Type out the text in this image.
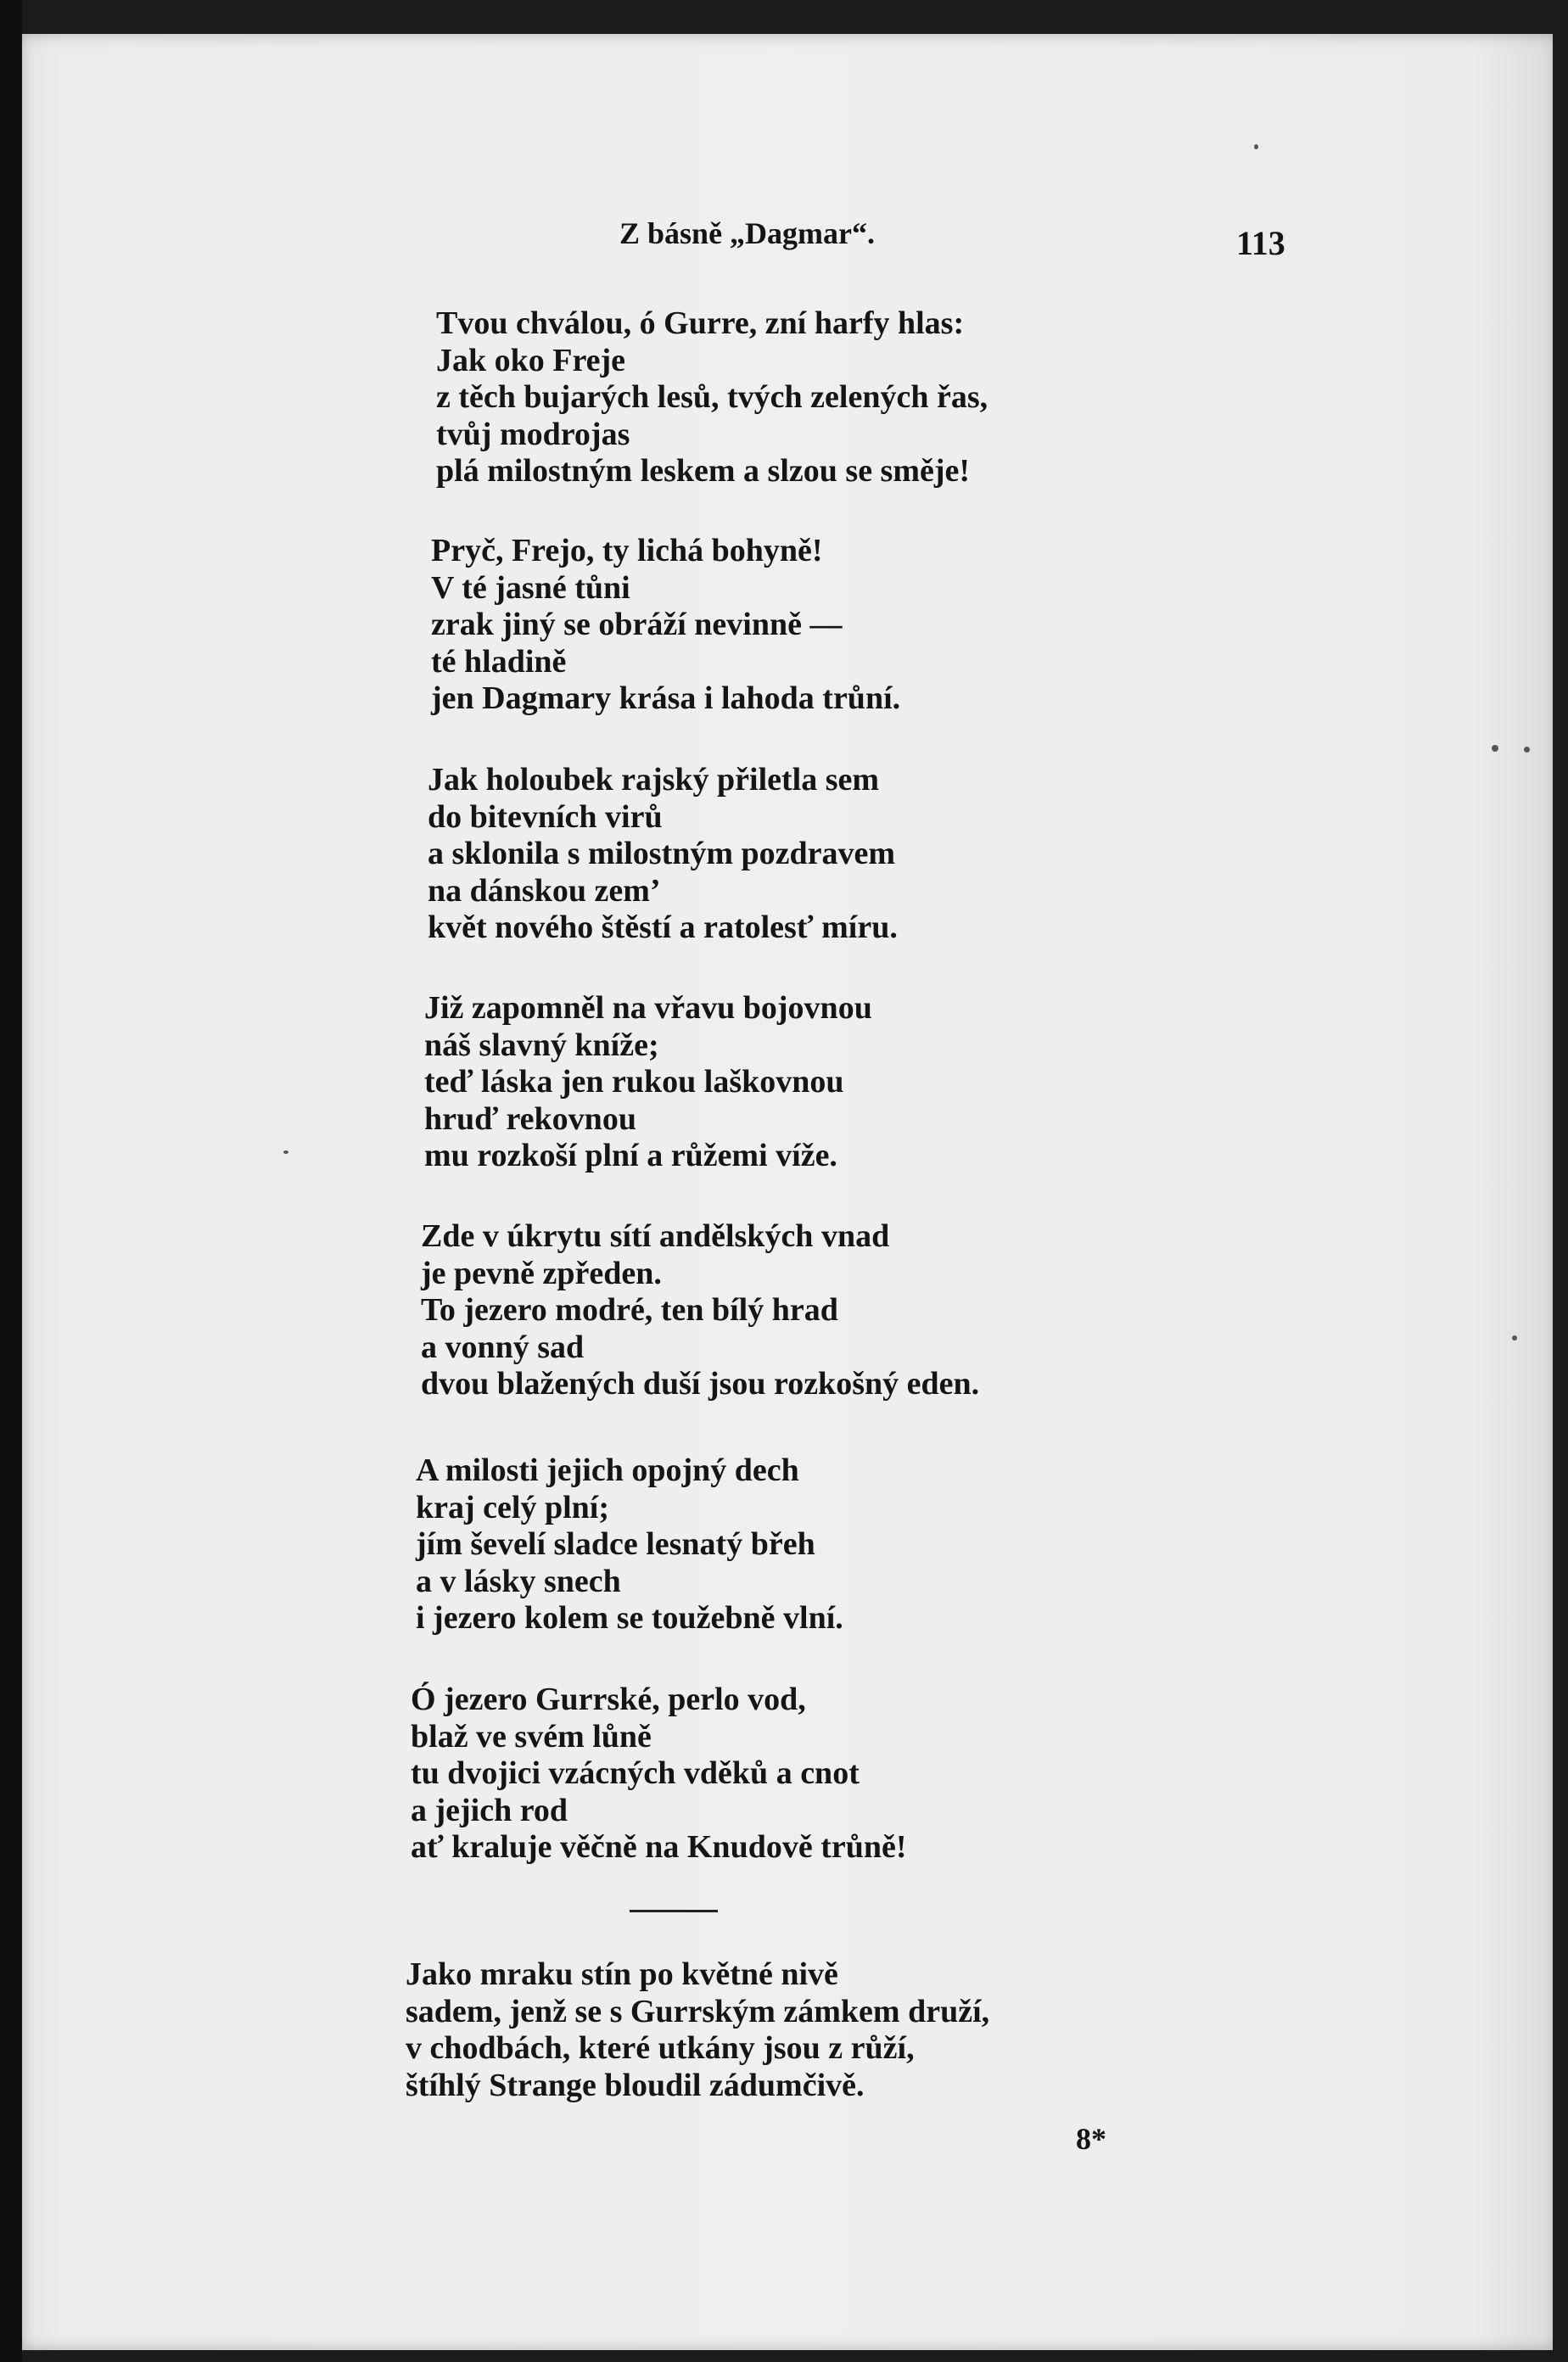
Z básně „Dagmar“.	113
Tvou chválou, ó Gurre, zní harfy hlas:
Jak oko Freje
z těch bujarých lesů, tvých zelených řas,
tvůj modrojas
plá milostným leskem a slzou se směje!
Pryč, Frejo, ty lichá bohyně!
V té jasné tůni
zrak jiný se obráží nevinně —
té hladině
jen Dagmary krása i lahoda trůní.
Jak holoubek rajský přiletla sem
do bitevních virů
a sklonila s milostným pozdravem
na dánskou zem’
květ nového štěstí a ratolesť míru.
Již zapomněl na vřavu bojovnou
náš slavný kníže;
teď láska jen rukou laškovnou
hruď rekovnou
mu rozkoší plní a růžemi víže.
Zde v úkrytu sítí andělských vnad
je pevně zpředen.
To jezero modré, ten bílý hrad
a vonný sad
dvou blažených duší jsou rozkošný eden.
A milosti jejich opojný dech
kraj celý plní;
jím ševelí sladce lesnatý břeh
a v lásky snech
i jezero kolem se toužebně vlní.
Ó jezero Gurrské, perlo vod,
blaž ve svém lůně
tu dvojici vzácných vděků a cnot
a jejich rod
ať kraluje věčně na Knudově trůně!
Jako mraku stín po květné nivě
sadem, jenž se s Gurrským zámkem druží,
v chodbách, které utkány jsou z růží,
štíhlý Strange bloudil zádumčivě.
8*
